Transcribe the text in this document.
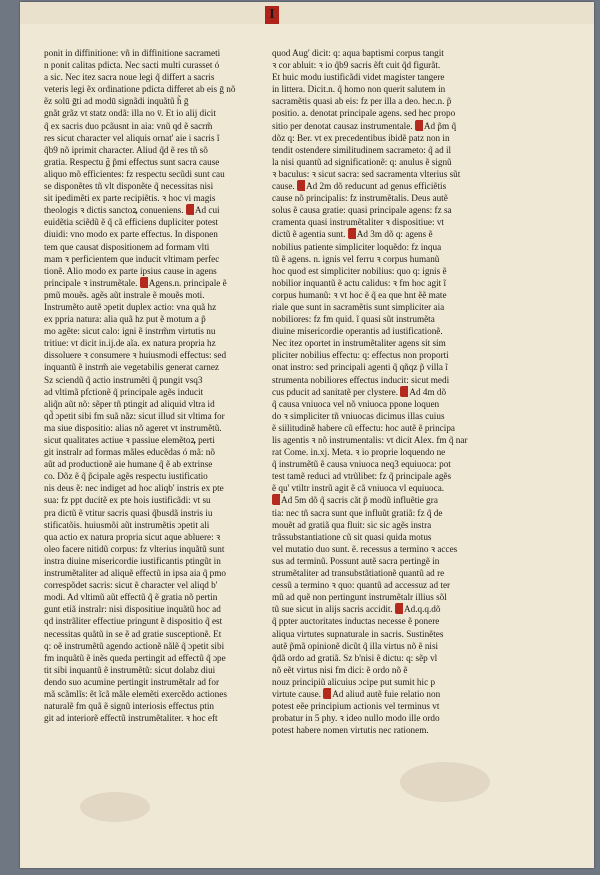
I
ponit in diffinitione: vñ in diffinitione sacrameti
n ponit calitas pdicta. Nec sacti multi curasset ó
a sic. Nec itez sacra noue legi q̃ differt a sacris
veteris legi ẽx ordinatione pdicta differet ab eis ḡ nõ
ẽz solū ḡti ad modū signãdi inquãtũ h̃ ḡ
gnãt grãz vt statz ondã: illa no v̈. Et io alij dicit
q̃ ex sacris duo pcãusnt in aia: vnũ qd ẽ sacrm̃
res sicut character vel aliquis ornat' aie i sacris ĩ
q̃b9 nõ iprimit character. Aliud q̃d ẽ res tñ sõ
gratia. Respectu g̃ p̃mi effectus sunt sacra cause
aliquo mõ efficientes: fz respectu secũdi sunt cau
se disponẽtes tñ vlt disponẽte q̃ necessitas nisi
sit ipedimẽti ex parte recipiẽtis. ꝛ hoc vi magis
theologis ꝛ dictis sanctoꝝ conueniens. Ad cui
euidẽtia sciẽdũ ẽ q̃ cã efficiens dupliciter potest
diuidi: vno modo ex parte effectus. In disponen
tem que causat dispositionem ad formam vlti
mam ꝛ perficientem que inducit vltimam perfec
tionẽ. Alio modo ex parte ipsius cause in agens
principale ꝛ instrumẽtale. Agens.n. principale ẽ
pmũ mouẽs. agẽs aũt instrale ẽ mouẽs moti.
Instrumẽto autẽ ɔpetit duplex actio: vna quã hz
ex ppria natura: alia quã hz put ẽ motum a p̃
mo agẽte: sicut calo: igni ẽ instrm̃m virtutis nu
tritiue: vt dicit in.ij.de aĩa. ex natura propria hz
dissoluere ꝛ consumere ꝛ huiusmodi effectus: sed
inquantũ ẽ instrm̃ aie vegetabilis generat carnez
Sz sciendũ q̃ actio instrumẽti q̃ pungit vsq3
ad vltimã pfctionẽ q̃ principale agẽs inducit
aliq̃n aũt nõ: sẽper tñ ptingit ad aliquid vltra id
qd̃ ɔpetit sibi fm suã nãz: sicut illud sit vltima for
ma siue dispositio: alias nõ ageret vt instrumẽtũ.
sicut qualitates actiue ꝛ passiue elemẽtoꝝ perti
git instralr ad formas mãles educẽdas ó mã: nõ
aũt ad productionẽ aie humane q̃ ẽ ab extrinse
co. Dõz ẽ q̃ p̃cipale agẽs respectu iustificatio
nis deus ẽ: nec indiget ad hoc aliqb' instris ex pte
sua: fz ppt ducitẽ ex pte hois iustificãdi: vt su
pra dictũ ẽ vtitur sacris quasi q̃busdã instris iu
stificatõis. huiusmõi aũt instrumẽtis ɔpetit ali
qua actio ex natura propria sicut aque abluere: ꝛ
oleo facere nitidũ corpus: fz vlterius inquãtũ sunt
instra diuine misericordie iustificantis ptingũt in
instrumẽtaliter ad aliquẽ effectũ in ipsa aia q̃ pmo
correspõdet sacris: sicut ẽ character vel aliqd b'
modi. Ad vltimũ aũt effectũ q̃ ẽ gratia nõ pertin
gunt etiã instralr: nisi dispositiue inquãtũ hoc ad
qd instrãliter effectiue pringunt ẽ dispositio q̃ est
necessitas quãtũ in se ẽ ad gratie susceptionẽ. Et
q: oẽ instrumẽtũ agendo actionẽ nãlẽ q̃ ɔpetit sibi
fm inquãtũ ẽ inẽs queda pertingit ad effectũ q̃ ɔpe
tit sibi inquantũ ẽ instrumẽtũ: sicut dolabz diui
dendo suo acumine pertingit instrumẽtalr ad for
mã scãmlĩs: ẽt ĩcã mãle elemẽti exercẽdo actiones
naturalẽ fm quã ẽ signũ interiosis effectus ptin
git ad interiorẽ effectũ instrumẽtaliter. ꝛ hoc eft
quod Aug' dicit: q: aqua baptismi corpus tangit
ꝛ cor abluit: ꝛ io q̃b9 sacris ẽft cuit q̃d figurãt.
Et huic modu iustificãdi videt magister tangere
in littera. Dicit.n. q̃ homo non querit salutem in
sacramẽtis quasi ab eis: fz per illa a deo. hec.n. p̃
positio. a. denotat principale agens. sed hec propo
sitio per denotat causaz instrumentale. Ad p̃m q̃
dõz q: Ber. vt ex precedentibus ibidẽ patz non in
tendit ostendere similitudinem sacrameto: q̃ ad il
la nisi quantũ ad significationẽ: q: anulus ẽ signũ
ꝛ baculus: ꝛ sicut sacra: sed sacramenta vlterius sũt
cause. Ad 2m dõ reducunt ad genus efficiẽtis
cause nõ principalis: fz instrumẽtalis. Deus autẽ
solus ẽ causa gratie: quasi principale agens: fz sa
cramenta quasi instrumẽtaliter ꝛ dispositiue: vt
dictũ ẽ agentia sunt. Ad 3m dõ q: agens ẽ
nobilius patiente simpliciter loquẽdo: fz inqua
tũ ẽ agens. n. ignis vel ferru ꝛ corpus humanũ
hoc quod est simpliciter nobilius: quo q: ignis ẽ
nobilior inquantũ ẽ actu calidus: ꝛ fm hoc agit ĩ
corpus humanũ: ꝛ vt hoc ẽ q̃ ea que hnt ẽẽ mate
riale que sunt in sacramẽtis sunt simpliciter aia
nobiliores: fz fm quid. ĩ quasi sũt instrumẽta
diuine misericordie operantis ad iustificationẽ.
Nec itez oportet in instrumẽtaliter agens sit sim
pliciter nobilius effectu: q: effectus non proporti
onat instro: sed principali agenti q̃ qñqz p̃ villa ĩ
strumenta nobiliores effectus inducit: sicut medi
cus pducit ad sanitatẽ per clystere. Ad 4m dõ
q̃ causa vniuoca vel nõ vniuoca ppone loquen
do ꝛ simpliciter tñ vniuocas dicimus illas cuius
ẽ siilitudinẽ habere cũ effectu: hoc autẽ ẽ principa
lis agentis ꝛ nõ instrumentalis: vt dicit Alex. fm q̃ nar
rat Come. in.xj. Meta. ꝛ io proprie loquendo ne
q̃ instrumẽtũ ẽ causa vniuoca neq3 equiuoca: pot
test tamẽ reduci ad vtrũlibet: fz q̃ principale agẽs
ẽ qu' vtiltr instrũ agit ẽ cã vniuoca vl equiuoca.
Ad 5m dõ q̃ sacris cãt p̃ modũ influẽtie gra
tia: nec tñ sacra sunt que influũt gratiã: fz q̃ de
mouẽt ad gratiã qua fluit: sic sic agẽs instra
trãssubstantiatione cũ sit quasi quida motus
vel mutatio duo sunt. ẽ. recessus a termino ꝛ acces
sus ad terminũ. Possunt autẽ sacra pertingẽ in
strumẽtaliter ad transubstãtiationẽ quantũ ad re
cessũ a termino ꝛ quo: quantũ ad accessuz ad ter
mũ ad quẽ non pertingunt instrumẽtalr illius sõl
tũ sue sicut in alijs sacris accidit. Ad.q.q.dõ
q̃ ppter auctoritates inductas necesse ẽ ponere
aliqua virtutes supnaturale in sacris. Sustinẽtes
autẽ p̃mã opinionẽ dicũt q̃ illa virtus nõ ẽ nisi
q̃dã ordo ad gratiã. Sz b'nisi ẽ dictu: q: sẽp vl
nõ eẽt virtus nisi fm dici: ẽ ordo nõ ẽ
nouz principiũ alicuius ɔcipe put sumit hic p
virtute cause. Ad aliud autẽ fuie relatio non
potest eẽe principium actionis vel terminus vt
probatur in 5 phy. ꝛ ideo nullo modo ille ordo
potest habere nomen virtutis nec rationem.
